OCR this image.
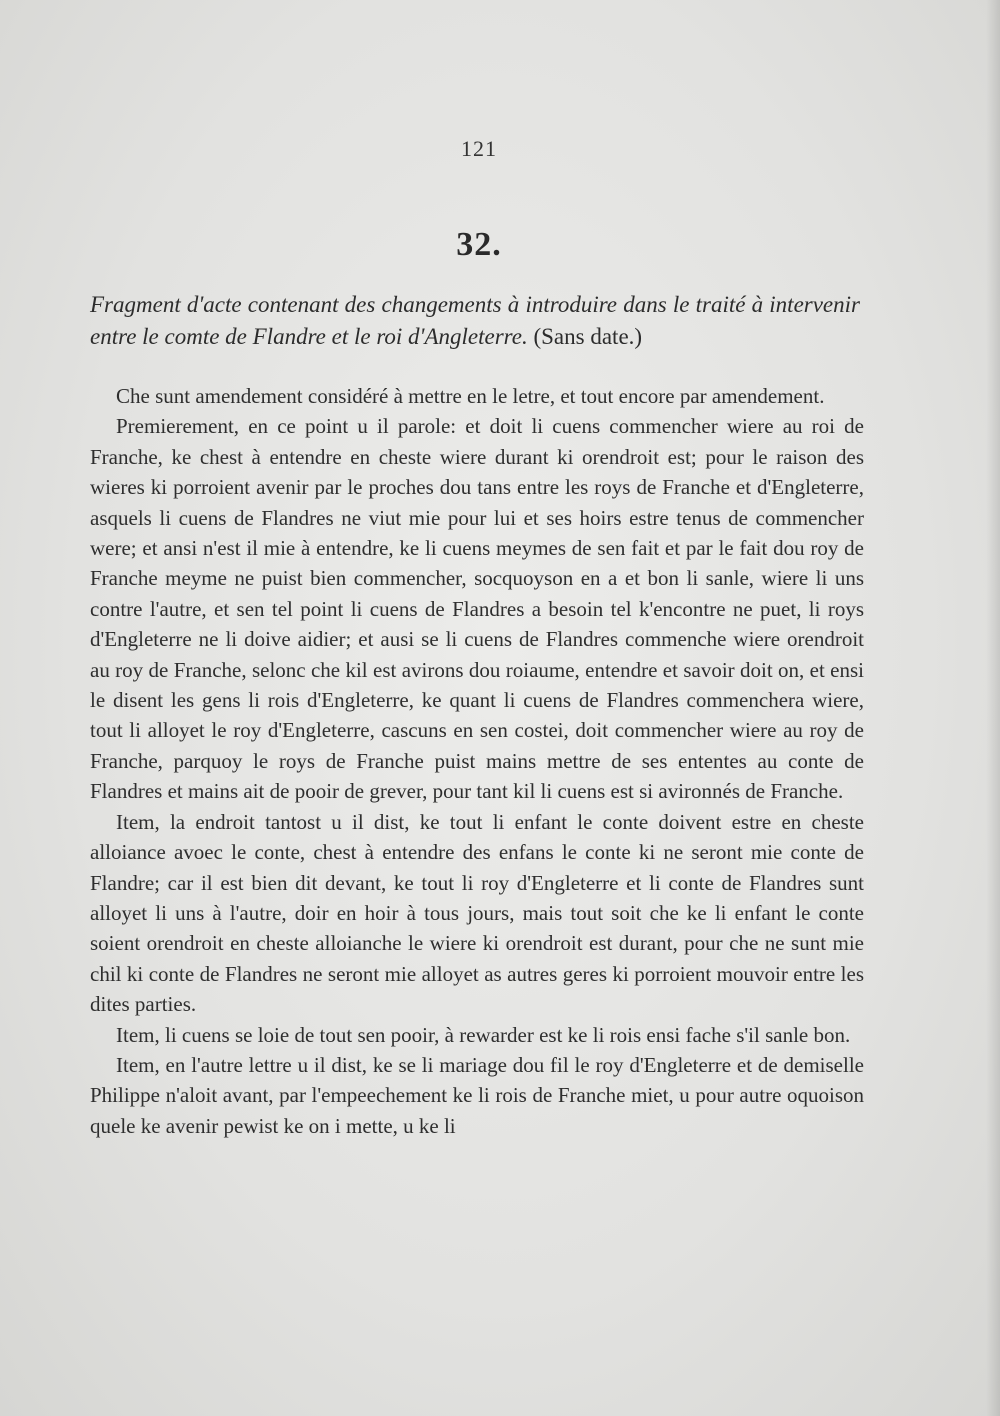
121
32.
Fragment d'acte contenant des changements à introduire dans le traité à intervenir entre le comte de Flandre et le roi d'Angleterre. (Sans date.)

Che sunt amendement considéré à mettre en le letre, et tout encore par amendement.

Premierement, en ce point u il parole: et doit li cuens commencher wiere au roi de Franche, ke chest à entendre en cheste wiere durant ki orendroit est; pour le raison des wieres ki porroient avenir par le proches dou tans entre les roys de Franche et d'Engleterre, asquels li cuens de Flandres ne viut mie pour lui et ses hoirs estre tenus de commencher were; et ansi n'est il mie à entendre, ke li cuens meymes de sen fait et par le fait dou roy de Franche meyme ne puist bien commencher, socquoyson en a et bon li sanle, wiere li uns contre l'autre, et sen tel point li cuens de Flandres a besoin tel k'encontre ne puet, li roys d'Engleterre ne li doive aidier; et ausi se li cuens de Flandres commenche wiere orendroit au roy de Franche, selonc che kil est avirons dou roiaume, entendre et savoir doit on, et ensi le disent les gens li rois d'Engleterre, ke quant li cuens de Flandres commenchera wiere, tout li alloyet le roy d'Engleterre, cascuns en sen costei, doit commencher wiere au roy de Franche, parquoy le roys de Franche puist mains mettre de ses ententes au conte de Flandres et mains ait de pooir de grever, pour tant kil li cuens est si avironnés de Franche.

Item, la endroit tantost u il dist, ke tout li enfant le conte doivent estre en cheste alloiance avoec le conte, chest à entendre des enfans le conte ki ne seront mie conte de Flandre; car il est bien dit devant, ke tout li roy d'Engleterre et li conte de Flandres sunt alloyet li uns à l'autre, doir en hoir à tous jours, mais tout soit che ke li enfant le conte soient orendroit en cheste alloianche le wiere ki orendroit est durant, pour che ne sunt mie chil ki conte de Flandres ne seront mie alloyet as autres geres ki porroient mouvoir entre les dites parties.

Item, li cuens se loie de tout sen pooir, à rewarder est ke li rois ensi fache s'il sanle bon.

Item, en l'autre lettre u il dist, ke se li mariage dou fil le roy d'Engleterre et de demiselle Philippe n'aloit avant, par l'empeechement ke li rois de Franche miet, u pour autre oquoison quele ke avenir pewist ke on i mette, u ke li
